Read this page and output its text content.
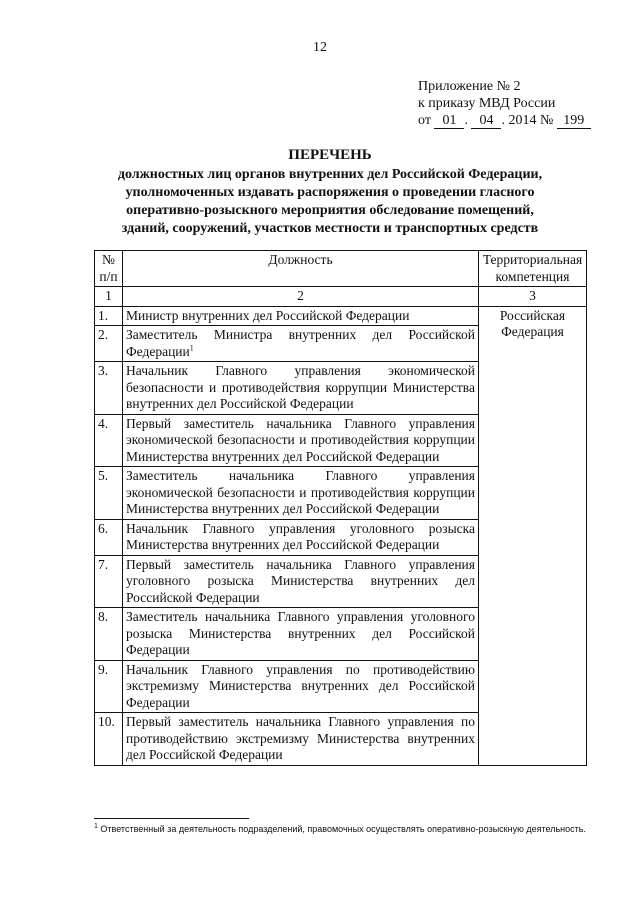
12
Приложение № 2
к приказу МВД России
от 01 . 04 . 2014 № 199
ПЕРЕЧЕНЬ
должностных лиц органов внутренних дел Российской Федерации,
уполномоченных издавать распоряжения о проведении гласного
оперативно-розыскного мероприятия обследование помещений,
зданий, сооружений, участков местности и транспортных средств
№ п/п	Должность	Территориальная компетенция
1	2	3
1.	Министр внутренних дел Российской Федерации	Российская Федерация
2.	Заместитель Министра внутренних дел Российской Федерации$^1$
3.	Начальник Главного управления экономической безопасности и противодействия коррупции Министерства внутренних дел Российской Федерации	
4.	Первый заместитель начальника Главного управления экономической безопасности и противодействия коррупции Министерства внутренних дел Российской Федерации	
5.	Заместитель начальника Главного управления экономической безопасности и противодействия коррупции Министерства внутренних дел Российской Федерации	
6.	Начальник Главного управления уголовного розыска Министерства внутренних дел Российской Федерации	
7.	Первый заместитель начальника Главного управления уголовного розыска Министерства внутренних дел Российской Федерации	
8.	Заместитель начальника Главного управления уголовного розыска Министерства внутренних дел Российской Федерации	
9.	Начальник Главного управления по противодействию экстремизму Министерства внутренних дел Российской Федерации	
10.	Первый заместитель начальника Главного управления по противодействию экстремизму Министерства внутренних дел Российской Федерации	
$^1$ Ответственный за деятельность подразделений, правомочных осуществлять оперативно-розыскную деятельность.
